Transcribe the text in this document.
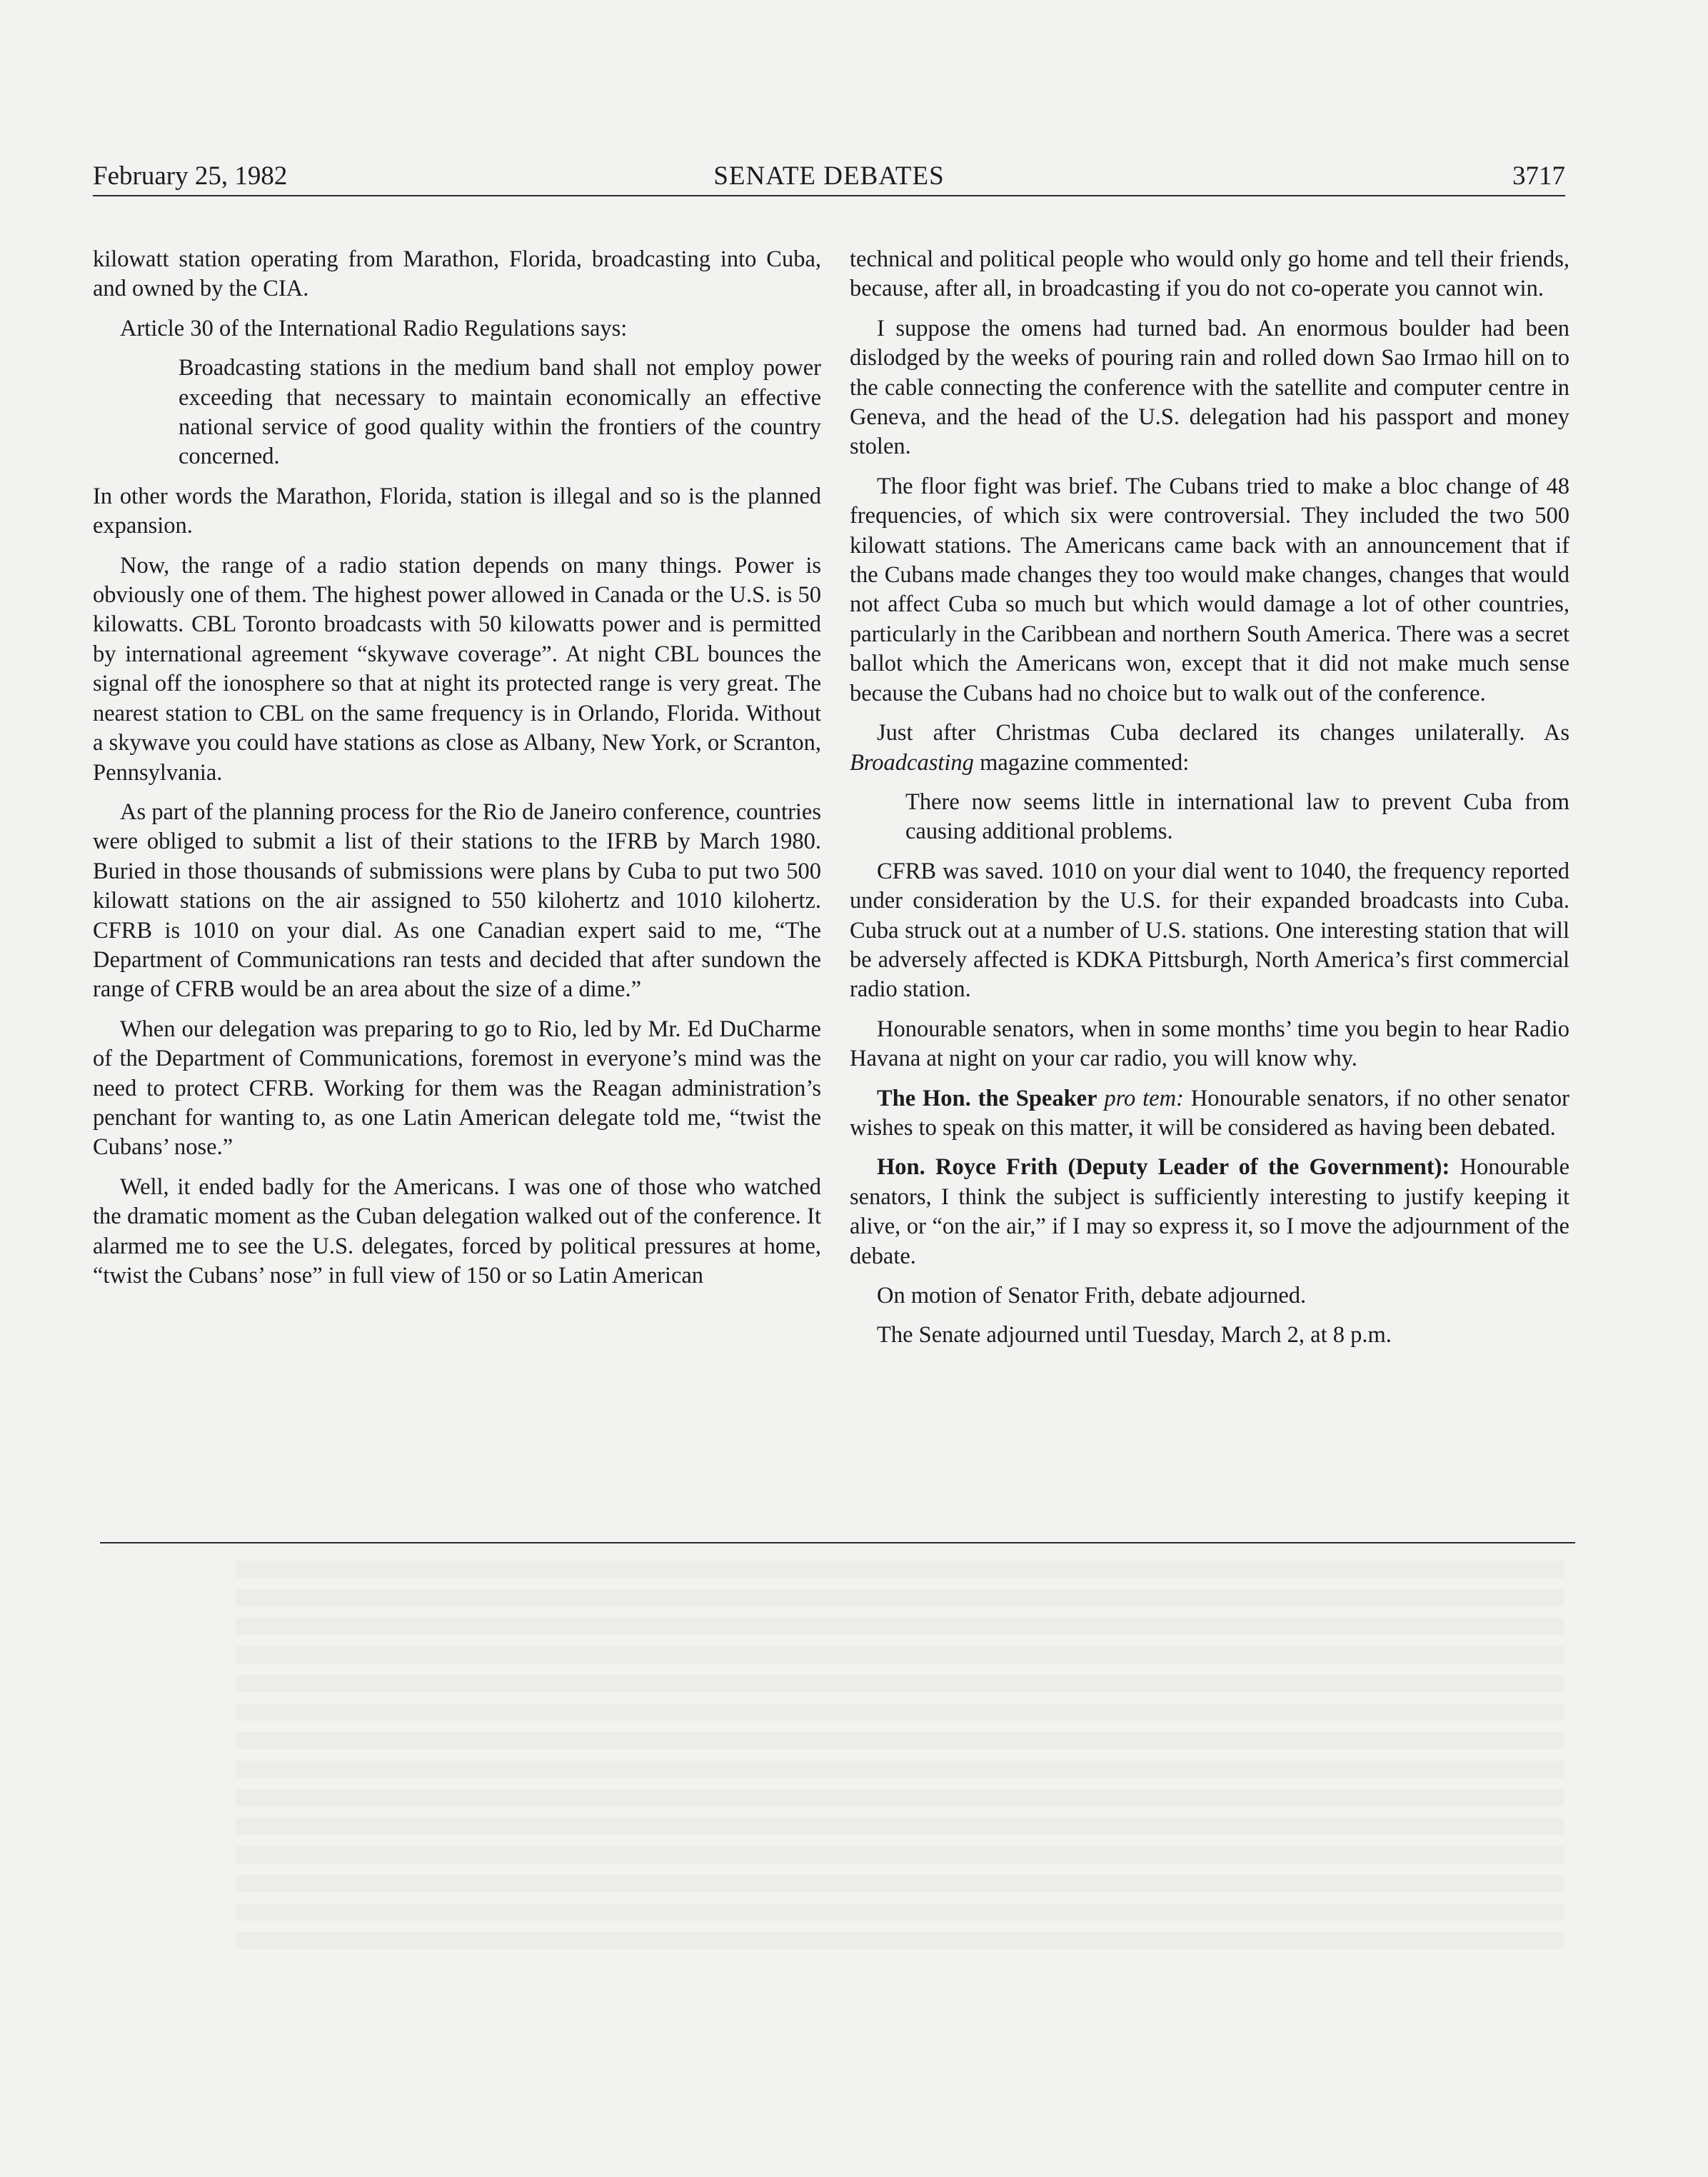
February 25, 1982	SENATE DEBATES	3717

kilowatt station operating from Marathon, Florida, broadcasting into Cuba, and owned by the CIA.

Article 30 of the International Radio Regulations says:

Broadcasting stations in the medium band shall not employ power exceeding that necessary to maintain economically an effective national service of good quality within the frontiers of the country concerned.

In other words the Marathon, Florida, station is illegal and so is the planned expansion.

Now, the range of a radio station depends on many things. Power is obviously one of them. The highest power allowed in Canada or the U.S. is 50 kilowatts. CBL Toronto broadcasts with 50 kilowatts power and is permitted by international agreement “skywave coverage”. At night CBL bounces the signal off the ionosphere so that at night its protected range is very great. The nearest station to CBL on the same frequency is in Orlando, Florida. Without a skywave you could have stations as close as Albany, New York, or Scranton, Pennsylvania.

As part of the planning process for the Rio de Janeiro conference, countries were obliged to submit a list of their stations to the IFRB by March 1980. Buried in those thousands of submissions were plans by Cuba to put two 500 kilowatt stations on the air assigned to 550 kilohertz and 1010 kilohertz. CFRB is 1010 on your dial. As one Canadian expert said to me, “The Department of Communications ran tests and decided that after sundown the range of CFRB would be an area about the size of a dime.”

When our delegation was preparing to go to Rio, led by Mr. Ed DuCharme of the Department of Communications, foremost in everyone’s mind was the need to protect CFRB. Working for them was the Reagan administration’s penchant for wanting to, as one Latin American delegate told me, “twist the Cubans’ nose.”

Well, it ended badly for the Americans. I was one of those who watched the dramatic moment as the Cuban delegation walked out of the conference. It alarmed me to see the U.S. delegates, forced by political pressures at home, “twist the Cubans’ nose” in full view of 150 or so Latin American

technical and political people who would only go home and tell their friends, because, after all, in broadcasting if you do not co-operate you cannot win.

I suppose the omens had turned bad. An enormous boulder had been dislodged by the weeks of pouring rain and rolled down Sao Irmao hill on to the cable connecting the conference with the satellite and computer centre in Geneva, and the head of the U.S. delegation had his passport and money stolen.

The floor fight was brief. The Cubans tried to make a bloc change of 48 frequencies, of which six were controversial. They included the two 500 kilowatt stations. The Americans came back with an announcement that if the Cubans made changes they too would make changes, changes that would not affect Cuba so much but which would damage a lot of other countries, particularly in the Caribbean and northern South America. There was a secret ballot which the Americans won, except that it did not make much sense because the Cubans had no choice but to walk out of the conference.

Just after Christmas Cuba declared its changes unilaterally. As Broadcasting magazine commented:

There now seems little in international law to prevent Cuba from causing additional problems.

CFRB was saved. 1010 on your dial went to 1040, the frequency reported under consideration by the U.S. for their expanded broadcasts into Cuba. Cuba struck out at a number of U.S. stations. One interesting station that will be adversely affected is KDKA Pittsburgh, North America’s first commercial radio station.

Honourable senators, when in some months’ time you begin to hear Radio Havana at night on your car radio, you will know why.

The Hon. the Speaker pro tem: Honourable senators, if no other senator wishes to speak on this matter, it will be considered as having been debated.

Hon. Royce Frith (Deputy Leader of the Government): Honourable senators, I think the subject is sufficiently interesting to justify keeping it alive, or “on the air,” if I may so express it, so I move the adjournment of the debate.

On motion of Senator Frith, debate adjourned.

The Senate adjourned until Tuesday, March 2, at 8 p.m.
